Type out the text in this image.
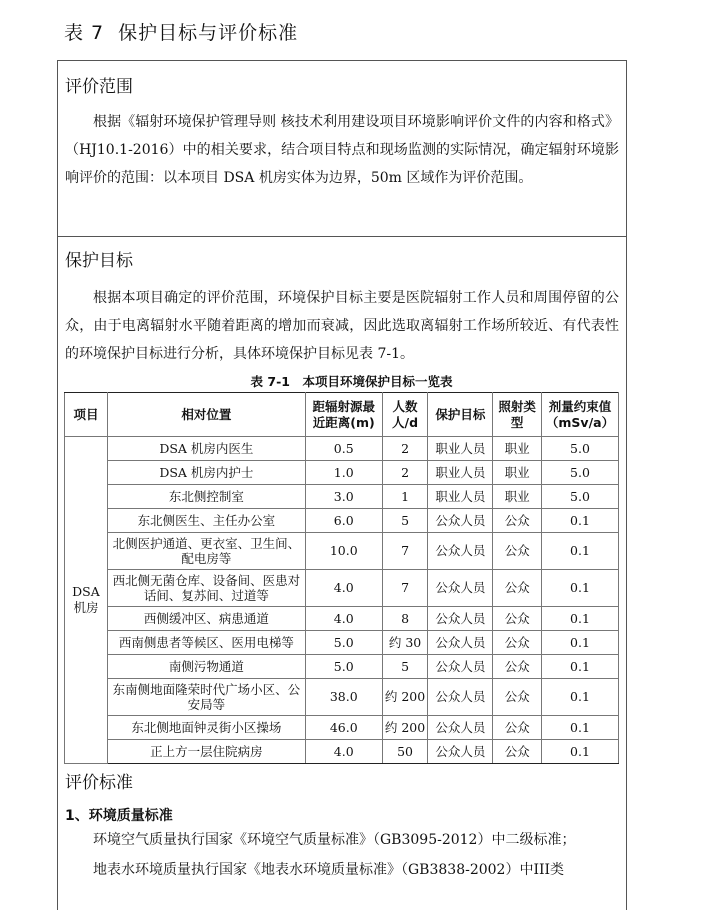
表 7 保护目标与评价标准
评价范围

根据《辐射环境保护管理导则 核技术利用建设项目环境影响评价文件的内容和格式》（HJ10.1-2016）中的相关要求，结合项目特点和现场监测的实际情况，确定辐射环境影响评价的范围：以本项目 DSA 机房实体为边界，50m 区域作为评价范围。

保护目标

根据本项目确定的评价范围，环境保护目标主要是医院辐射工作人员和周围停留的公众，由于电离辐射水平随着距离的增加而衰减，因此选取离辐射工作场所较近、有代表性的环境保护目标进行分析，具体环境保护目标见表 7-1。

表 7-1　本项目环境保护目标一览表
项目	相对位置	距辐射源最近距离(m)	人数人/d	保护目标	照射类型	剂量约束值（mSv/a）
DSA机房	DSA 机房内医生	0.5	2	职业人员	职业	5.0
	DSA 机房内护士	1.0	2	职业人员	职业	5.0
	东北侧控制室	3.0	1	职业人员	职业	5.0
	东北侧医生、主任办公室	6.0	5	公众人员	公众	0.1
	北侧医护通道、更衣室、卫生间、配电房等	10.0	7	公众人员	公众	0.1
	西北侧无菌仓库、设备间、医患对话间、复苏间、过道等	4.0	7	公众人员	公众	0.1
	西侧缓冲区、病患通道	4.0	8	公众人员	公众	0.1
	西南侧患者等候区、医用电梯等	5.0	约 30	公众人员	公众	0.1
	南侧污物通道	5.0	5	公众人员	公众	0.1
	东南侧地面隆荣时代广场小区、公安局等	38.0	约 200	公众人员	公众	0.1
	东北侧地面钟灵街小区操场	46.0	约 200	公众人员	公众	0.1
	正上方一层住院病房	4.0	50	公众人员	公众	0.1
评价标准
1、环境质量标准
环境空气质量执行国家《环境空气质量标准》（GB3095-2012）中二级标准；
地表水环境质量执行国家《地表水环境质量标准》（GB3838-2002）中III类
